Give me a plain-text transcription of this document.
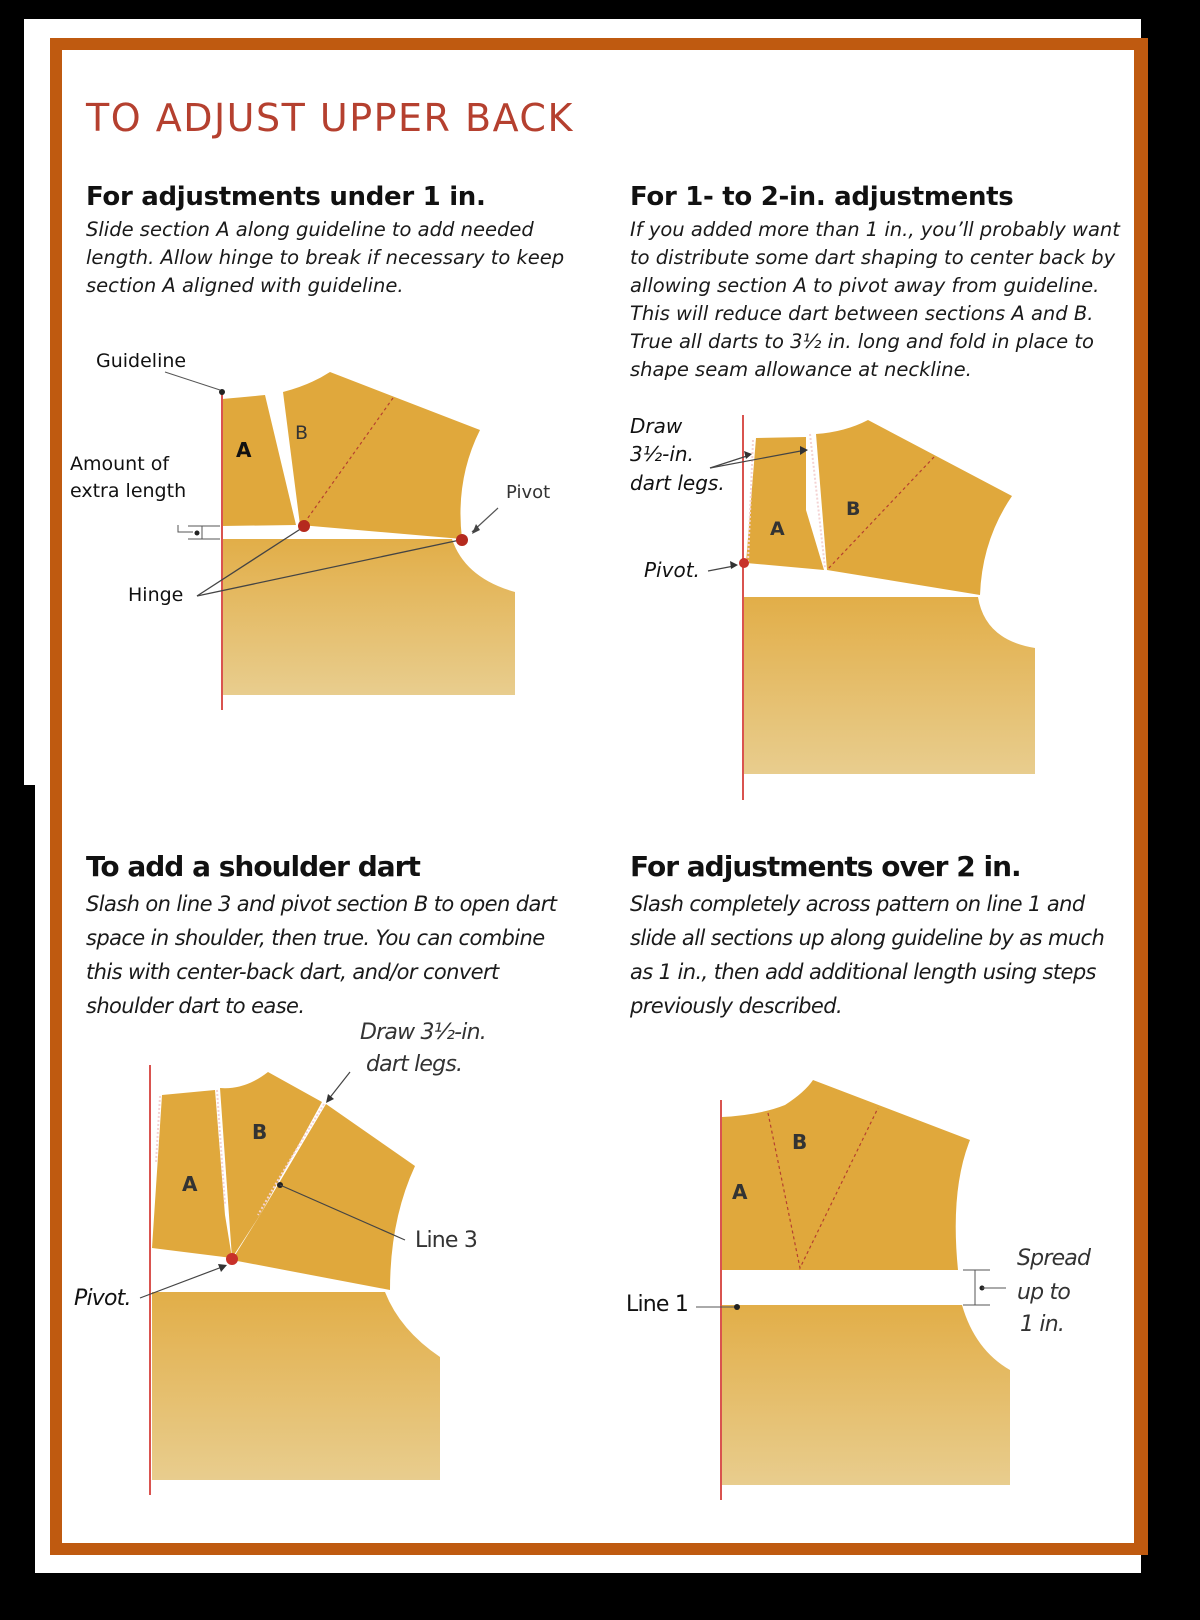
TO ADJUST UPPER BACK
For adjustments under 1 in.

Slide section A along guideline to add needed length. Allow hinge to break if necessary to keep section A aligned with guideline.

Guideline
A
B
Amount of
extra length	Pivot
Hinge
For 1- to 2-in. adjustments

If you added more than 1 in., you’ll probably want to distribute some dart shaping to center back by allowing section A to pivot away from guideline. This will reduce dart between sections A and B. True all darts to 3½ in. long and fold in place to shape seam allowance at neckline.

Draw
3½-in.
dart legs.
A
B
Pivot.
To add a shoulder dart

Slash on line 3 and pivot section B to open dart space in shoulder, then true. You can combine this with center-back dart, and/or convert shoulder dart to ease.

Draw 3½-in.
dart legs.
A
B
Line 3
Pivot.
For adjustments over 2 in.

Slash completely across pattern on line 1 and slide all sections up along guideline by as much as 1 in., then add additional length using steps previously described.

A
B
Line 1
Spread
up to
1 in.
